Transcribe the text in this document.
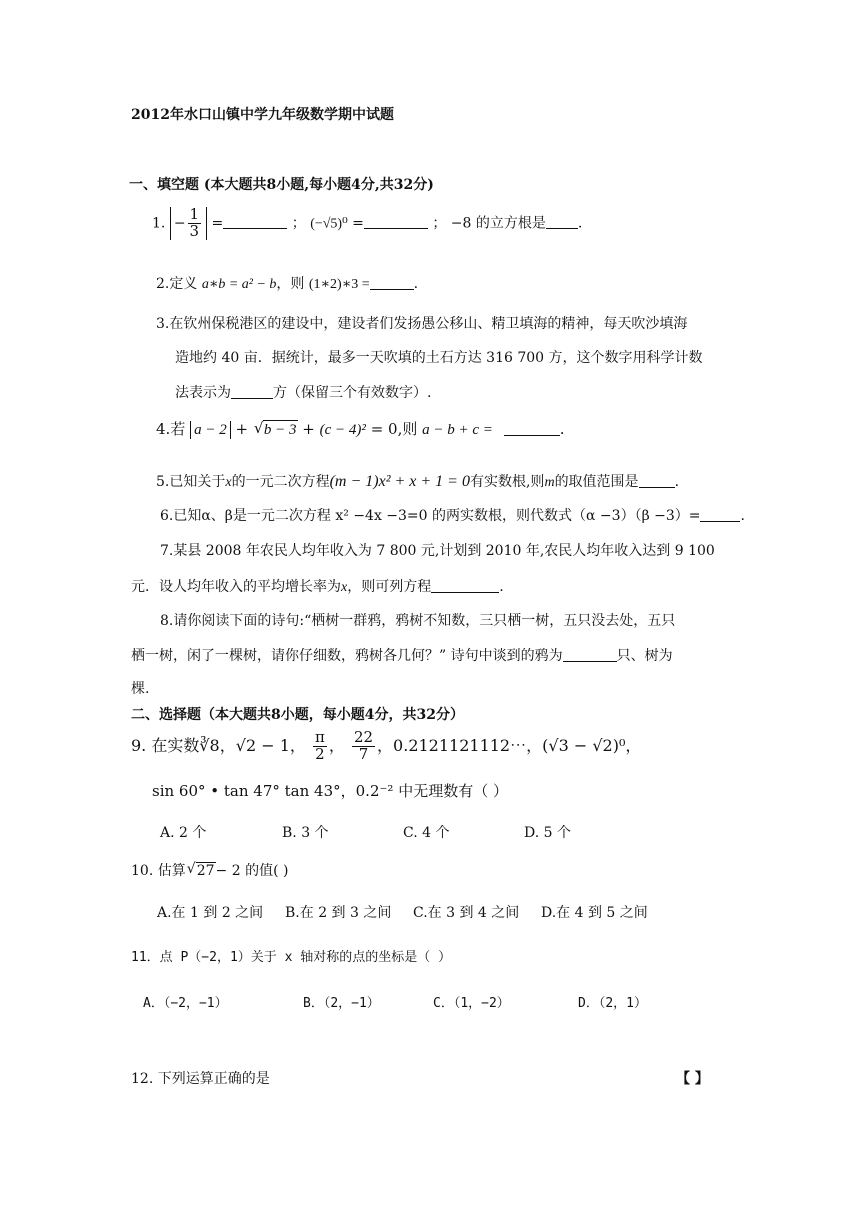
2012年水口山镇中学九年级数学期中试题
一、填空题 (本大题共8小题,每小题4分,共32分)
1. − $\frac{1}{3}$ =	； (−√5)⁰ =	； −8 的立方根是 .
2.定义 a∗b = a² − b，则 (1∗2)∗3 =	.
3.在钦州保税港区的建设中，建设者们发扬愚公移山、精卫填海的精神，每天吹沙填海
造地约 40 亩．据统计，最多一天吹填的土石方达 316 700 方，这个数字用科学计数
法表示为	方（保留三个有效数字）.
4.若 a − 2 + √ b − 3 + (c − 4)² = 0,则 a − b + c =	.
5.已知关于x的一元二次方程(m − 1)x² + x + 1 = 0有实数根,则m的取值范围是	.
6.已知α、β是一元二次方程 x² −4x −3=0 的两实数根，则代数式（α −3）（β −3）=	.
7.某县 2008 年农民人均年收入为 7 800 元,计划到 2010 年,农民人均年收入达到 9 100
元．设人均年收入的平均增长率为x，则可列方程	.
8.请你阅读下面的诗句:“栖树一群鸦，鸦树不知数，三只栖一树，五只没去处，五只
栖一树，闲了一棵树，请你仔细数，鸦树各几何？” 诗句中谈到的鸦为	只、树为
棵.
二、选择题（本大题共8小题，每小题4分，共32分）
9. 在实数∛8，√2 − 1， $\frac{\pi}{2}$ ， $\frac{22}{7}$ ，0.2121121112⋯，(√3 − √2)⁰，
sin 60° • tan 47° tan 43°，0.2⁻² 中无理数有（ ）
A. 2 个	B. 3 个	C. 4 个	D. 5 个
10. 估算 √ 27− 2 的值( )
A.在 1 到 2 之间 B.在 2 到 3 之间 C.在 3 到 4 之间 D.在 4 到 5 之间
11．点 P（−2，1）关于 x 轴对称的点的坐标是（ ）
A．（−2，−1）	B．（2，−1）	C．（1，−2）	D．（2，1）
12. 下列运算正确的是	【 】
